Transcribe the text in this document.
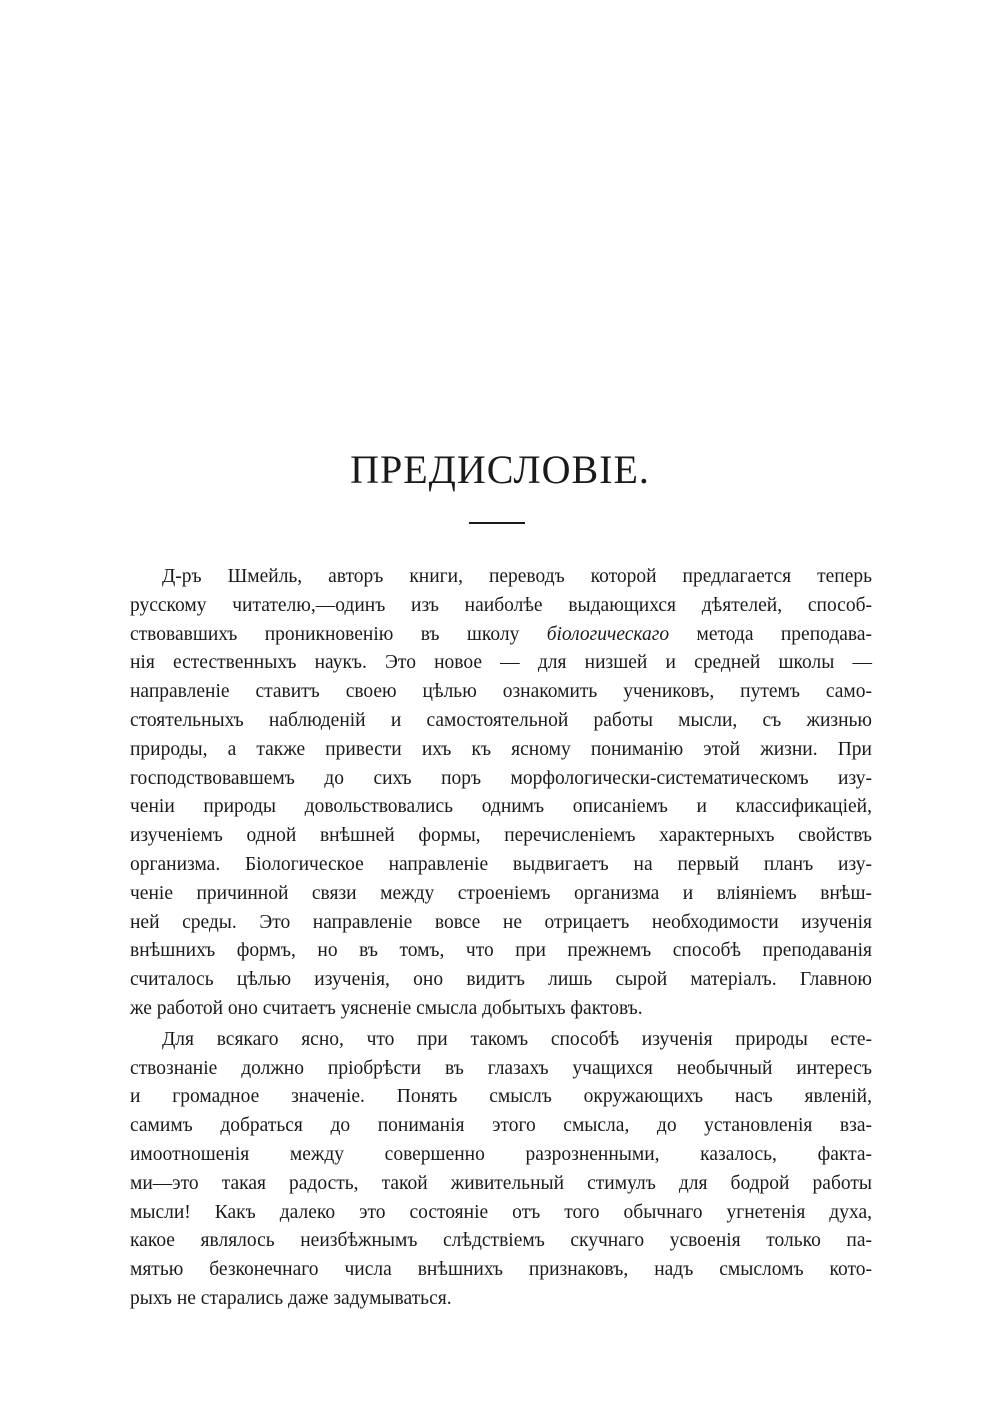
ПРЕДИСЛОВIЕ.
Д-ръ Шмейль, авторъ книги, переводъ которой предлагается теперь
русскому читателю,—одинъ изъ наиболѣе выдающихся дѣятелей, способ-
ствовавшихъ проникновенiю въ школу бiологическаго метода преподава-
нiя естественныхъ наукъ. Это новое — для низшей и средней школы —
направленiе ставитъ своею цѣлью ознакомить учениковъ, путемъ само-
стоятельныхъ наблюденiй и самостоятельной работы мысли, съ жизнью
природы, а также привести ихъ къ ясному пониманiю этой жизни. При
господствовавшемъ до сихъ поръ морфологически-систематическомъ изу-
ченiи природы довольствовались однимъ описанiемъ и классификацiей,
изученiемъ одной внѣшней формы, перечисленiемъ характерныхъ свойствъ
организма. Бiологическое направленiе выдвигаетъ на первый планъ изу-
ченiе причинной связи между строенiемъ организма и влiянiемъ внѣш-
ней среды. Это направленiе вовсе не отрицаетъ необходимости изученiя
внѣшнихъ формъ, но въ томъ, что при прежнемъ способѣ преподаванiя
считалось цѣлью изученiя, оно видитъ лишь сырой матерiалъ. Главною
же работой оно считаетъ уясненiе смысла добытыхъ фактовъ.
Для всякаго ясно, что при такомъ способѣ изученiя природы есте-
ствознанiе должно прiобрѣсти въ глазахъ учащихся необычный интересъ
и громадное значенiе. Понять смыслъ окружающихъ насъ явленiй,
самимъ добраться до пониманiя этого смысла, до установленiя вза-
имоотношенiя между совершенно разрозненными, казалось, факта-
ми—это такая радость, такой живительный стимулъ для бодрой работы
мысли! Какъ далеко это состоянiе отъ того обычнаго угнетенiя духа,
какое являлось неизбѣжнымъ слѣдствiемъ скучнаго усвоенiя только па-
мятью безконечнаго числа внѣшнихъ признаковъ, надъ смысломъ кото-
рыхъ не старались даже задумываться.
